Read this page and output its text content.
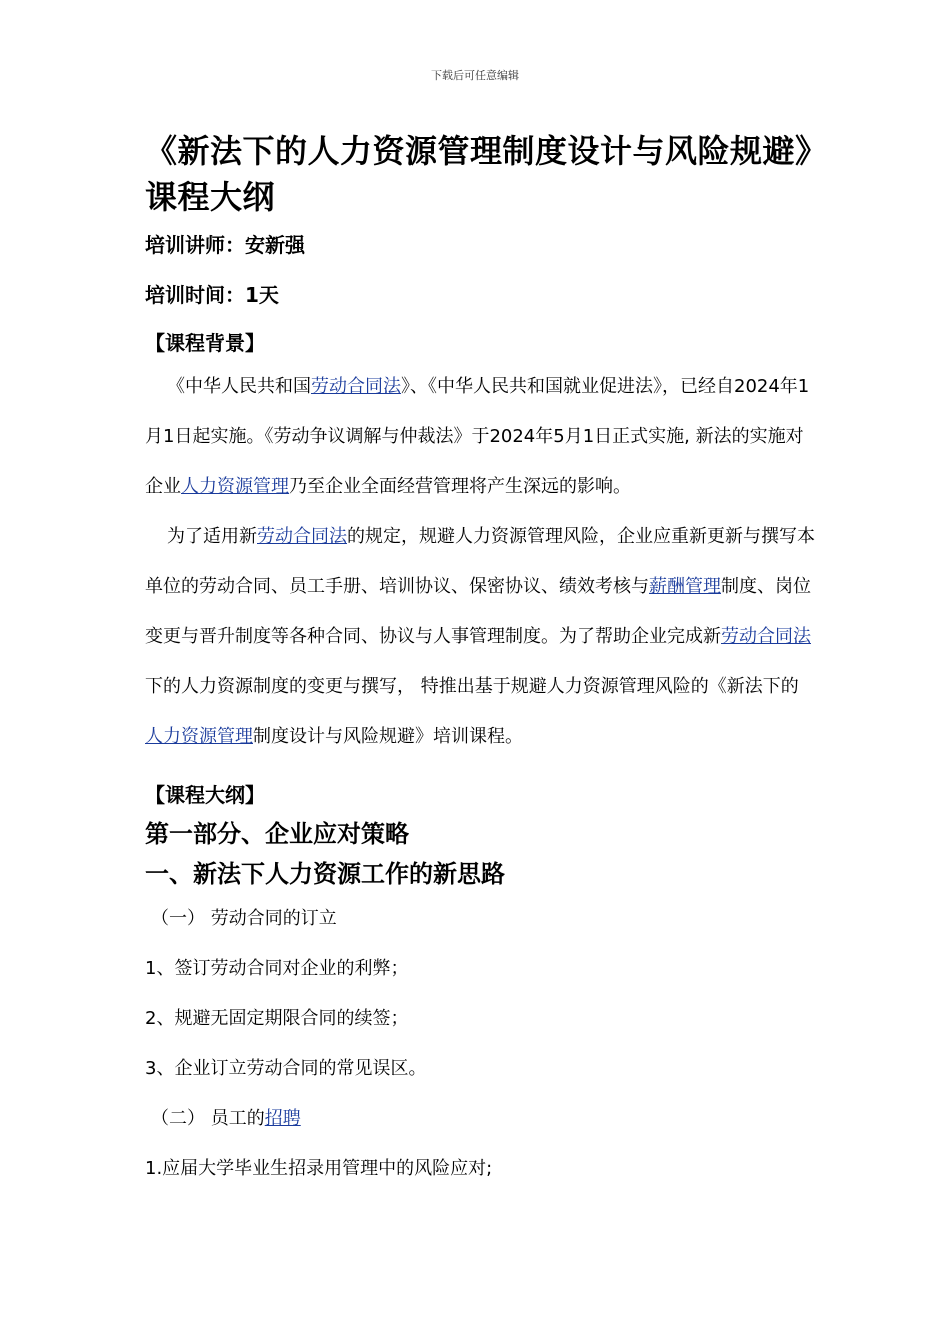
下载后可任意编辑
《新法下的人力资源管理制度设计与风险规避》课程大纲

培训讲师：安新强

培训时间：1天

【课程背景】

《中华人民共和国劳动合同法》、《中华人民共和国就业促进法》，已经自2024年1月1日起实施。《劳动争议调解与仲裁法》于2024年5月1日正式实施, 新法的实施对企业人力资源管理乃至企业全面经营管理将产生深远的影响。

为了适用新劳动合同法的规定，规避人力资源管理风险，企业应重新更新与撰写本单位的劳动合同、员工手册、培训协议、保密协议、绩效考核与薪酬管理制度、岗位变更与晋升制度等各种合同、协议与人事管理制度。为了帮助企业完成新劳动合同法下的人力资源制度的变更与撰写， 特推出基于规避人力资源管理风险的《新法下的人力资源管理制度设计与风险规避》培训课程。

【课程大纲】

第一部分、企业应对策略

一、新法下人力资源工作的新思路

（一） 劳动合同的订立

1、签订劳动合同对企业的利弊；

2、规避无固定期限合同的续签；

3、企业订立劳动合同的常见误区。

（二） 员工的招聘

1.应届大学毕业生招录用管理中的风险应对;
